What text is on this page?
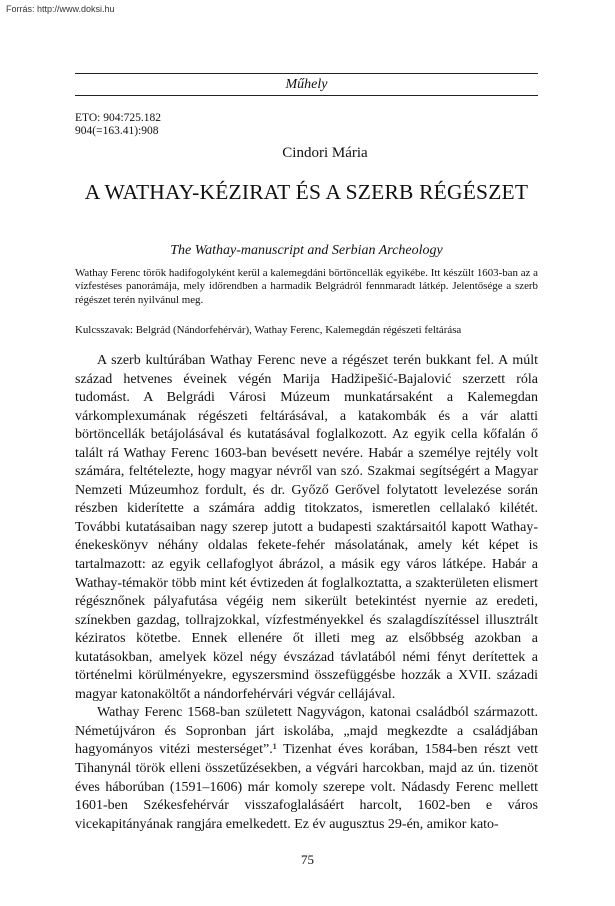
Forrás: http://www.doksi.hu
Műhely
ETO: 904:725.182
904(=163.41):908
Cindori Mária
A WATHAY-KÉZIRAT ÉS A SZERB RÉGÉSZET
The Wathay-manuscript and Serbian Archeology
Wathay Ferenc török hadifogolyként kerül a kalemegdáni börtöncellák egyikébe. Itt készült 1603-ban az a vízfestéses panorámája, mely időrendben a harmadik Belgrádról fennmaradt látkép. Jelentősége a szerb régészet terén nyilvánul meg.
Kulcsszavak: Belgrád (Nándorfehérvár), Wathay Ferenc, Kalemegdán régészeti feltárása

A szerb kultúrában Wathay Ferenc neve a régészet terén bukkant fel. A múlt század hetvenes éveinek végén Marija Hadžipešić-Bajalović szerzett róla tudomást. A Belgrádi Városi Múzeum munkatársaként a Kalemegdan várkomplexumának régészeti feltárásával, a katakombák és a vár alatti börtöncellák betájolásával és kutatásával foglalkozott. Az egyik cella kőfalán ő talált rá Wathay Ferenc 1603-ban bevésett nevére. Habár a személye rejtély volt számára, feltételezte, hogy magyar névről van szó. Szakmai segítségért a Magyar Nemzeti Múzeumhoz fordult, és dr. Győző Gerővel folytatott levelezése során részben kiderítette a számára addig titokzatos, ismeretlen cellalakó kilétét. További kutatásaiban nagy szerep jutott a budapesti szaktársaitól kapott Wathay-énekeskönyv néhány oldalas fekete-fehér másolatának, amely két képet is tartalmazott: az egyik cellafoglyot ábrázol, a másik egy város látképe. Habár a Wathay-témakör több mint két évtizeden át foglalkoztatta, a szakterületen elismert régésznőnek pályafutása végéig nem sikerült betekintést nyernie az eredeti, színekben gazdag, tollrajzokkal, vízfestményekkel és szalagdíszítéssel illusztrált kéziratos kötetbe. Ennek ellenére őt illeti meg az elsőbbség azokban a kutatásokban, amelyek közel négy évszázad távlatából némi fényt derítettek a történelmi körülményekre, egyszersmind összefüggésbe hozzák a XVII. századi magyar katonaköltőt a nándorfehérvári végvár cellájával.

Wathay Ferenc 1568-ban született Nagyvágon, katonai családból származott. Németújváron és Sopronban járt iskolába, „majd megkezdte a családjában hagyományos vitézi mesterséget”.¹ Tizenhat éves korában, 1584-ben részt vett Tihanynál török elleni összetűzésekben, a végvári harcokban, majd az ún. tizenöt éves háborúban (1591–1606) már komoly szerepe volt. Nádasdy Ferenc mellett 1601-ben Székesfehérvár visszafoglalásáért harcolt, 1602-ben e város vicekapitányának rangjára emelkedett. Ez év augusztus 29-én, amikor kato-

75
